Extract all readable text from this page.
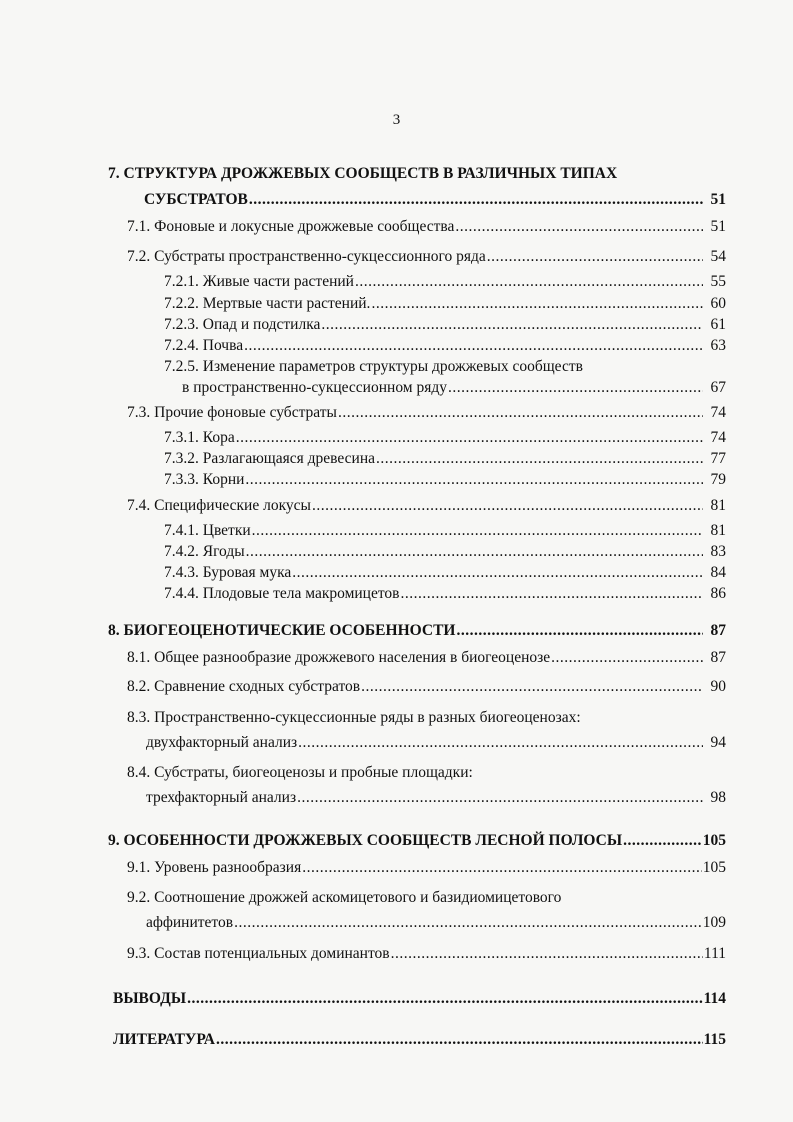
3
7. СТРУКТУРА ДРОЖЖЕВЫХ СООБЩЕСТВ В РАЗЛИЧНЫХ ТИПАХ
СУБСТРАТОВ .....	51
7.1. Фоновые и локусные дрожжевые сообщества .....	51
7.2. Субстраты пространственно-сукцессионного ряда .....	54
7.2.1. Живые части растений .....	55
7.2.2. Мертвые части растений. .....	60
7.2.3. Опад и подстилка .....	61
7.2.4. Почва .....	63
7.2.5. Изменение параметров структуры дрожжевых сообществ
в пространственно-сукцессионном ряду .....	67
7.3. Прочие фоновые субстраты .....	74
7.3.1. Кора .....	74
7.3.2. Разлагающаяся древесина .....	77
7.3.3. Корни .....	79
7.4. Специфические локусы .....	81
7.4.1. Цветки .....	81
7.4.2. Ягоды .....	83
7.4.3. Буровая мука .....	84
7.4.4. Плодовые тела макромицетов .....	86
8. БИОГЕОЦЕНОТИЧЕСКИЕ ОСОБЕННОСТИ .....	87
8.1. Общее разнообразие дрожжевого населения в биогеоценозе .....	87
8.2. Сравнение сходных субстратов .....	90
8.3. Пространственно-сукцессионные ряды в разных биогеоценозах:
двухфакторный анализ .....	94
8.4. Субстраты, биогеоценозы и пробные площадки:
трехфакторный анализ .....	98
9. ОСОБЕННОСТИ ДРОЖЖЕВЫХ СООБЩЕСТВ ЛЕСНОЙ ПОЛОСЫ .....	105
9.1. Уровень разнообразия .....	105
9.2. Соотношение дрожжей аскомицетового и базидиомицетового
аффинитетов .....	109
9.3. Состав потенциальных доминантов .....	111
ВЫВОДЫ .....	114
ЛИТЕРАТУРА .....	115
